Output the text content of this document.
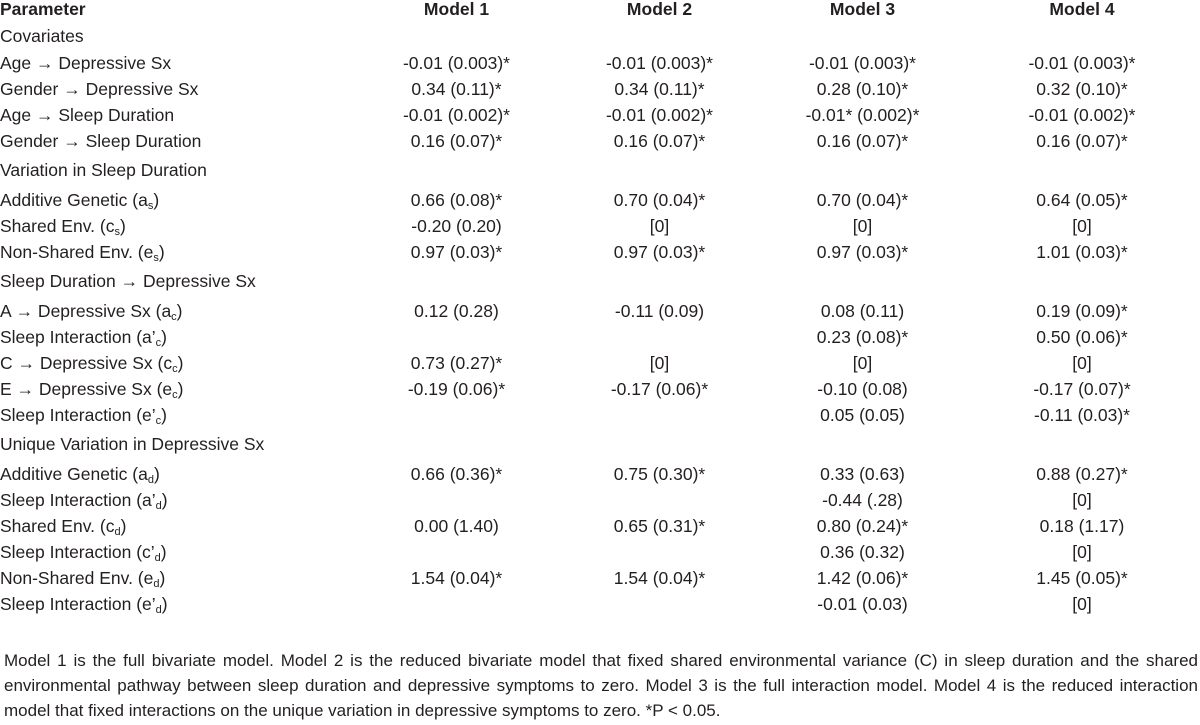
Parameter	Model 1	Model 2	Model 3	Model 4
Covariates				
Age → Depressive Sx	-0.01 (0.003)*	-0.01 (0.003)*	-0.01 (0.003)*	-0.01 (0.003)*
Gender → Depressive Sx	0.34 (0.11)*	0.34 (0.11)*	0.28 (0.10)*	0.32 (0.10)*
Age → Sleep Duration	-0.01 (0.002)*	-0.01 (0.002)*	-0.01* (0.002)*	-0.01 (0.002)*
Gender → Sleep Duration	0.16 (0.07)*	0.16 (0.07)*	0.16 (0.07)*	0.16 (0.07)*
Variation in Sleep Duration				
Additive Genetic $(a_s)$	0.66 (0.08)*	0.70 (0.04)*	0.70 (0.04)*	0.64 (0.05)*
Shared Env. $(c_s)$	-0.20 (0.20)	[0]	[0]	[0]
Non-Shared Env. $(e_s)$	0.97 (0.03)*	0.97 (0.03)*	0.97 (0.03)*	1.01 (0.03)*
Sleep Duration → Depressive Sx				
A → Depressive Sx $(a_c)$	0.12 (0.28)	-0.11 (0.09)	0.08 (0.11)	0.19 (0.09)*
Sleep Interaction $(a’_c)$			0.23 (0.08)*	0.50 (0.06)*
C → Depressive Sx $(c_c)$	0.73 (0.27)*	[0]	[0]	[0]
E → Depressive Sx $(e_c)$	-0.19 (0.06)*	-0.17 (0.06)*	-0.10 (0.08)	-0.17 (0.07)*
Sleep Interaction $(e’_c)$			0.05 (0.05)	-0.11 (0.03)*
Unique Variation in Depressive Sx				
Additive Genetic $(a_d)$	0.66 (0.36)*	0.75 (0.30)*	0.33 (0.63)	0.88 (0.27)*
Sleep Interaction $(a’_d)$			-0.44 (.28)	[0]
Shared Env. $(c_d)$	0.00 (1.40)	0.65 (0.31)*	0.80 (0.24)*	0.18 (1.17)
Sleep Interaction $(c’_d)$			0.36 (0.32)	[0]
Non-Shared Env. $(e_d)$	1.54 (0.04)*	1.54 (0.04)*	1.42 (0.06)*	1.45 (0.05)*
Sleep Interaction $(e’_d)$			-0.01 (0.03)	[0]

Model 1 is the full bivariate model. Model 2 is the reduced bivariate model that fixed shared environmental variance (C) in sleep duration and the shared environmental pathway between sleep duration and depressive symptoms to zero. Model 3 is the full interaction model. Model 4 is the reduced interaction model that fixed interactions on the unique variation in depressive symptoms to zero. *P < 0.05.
